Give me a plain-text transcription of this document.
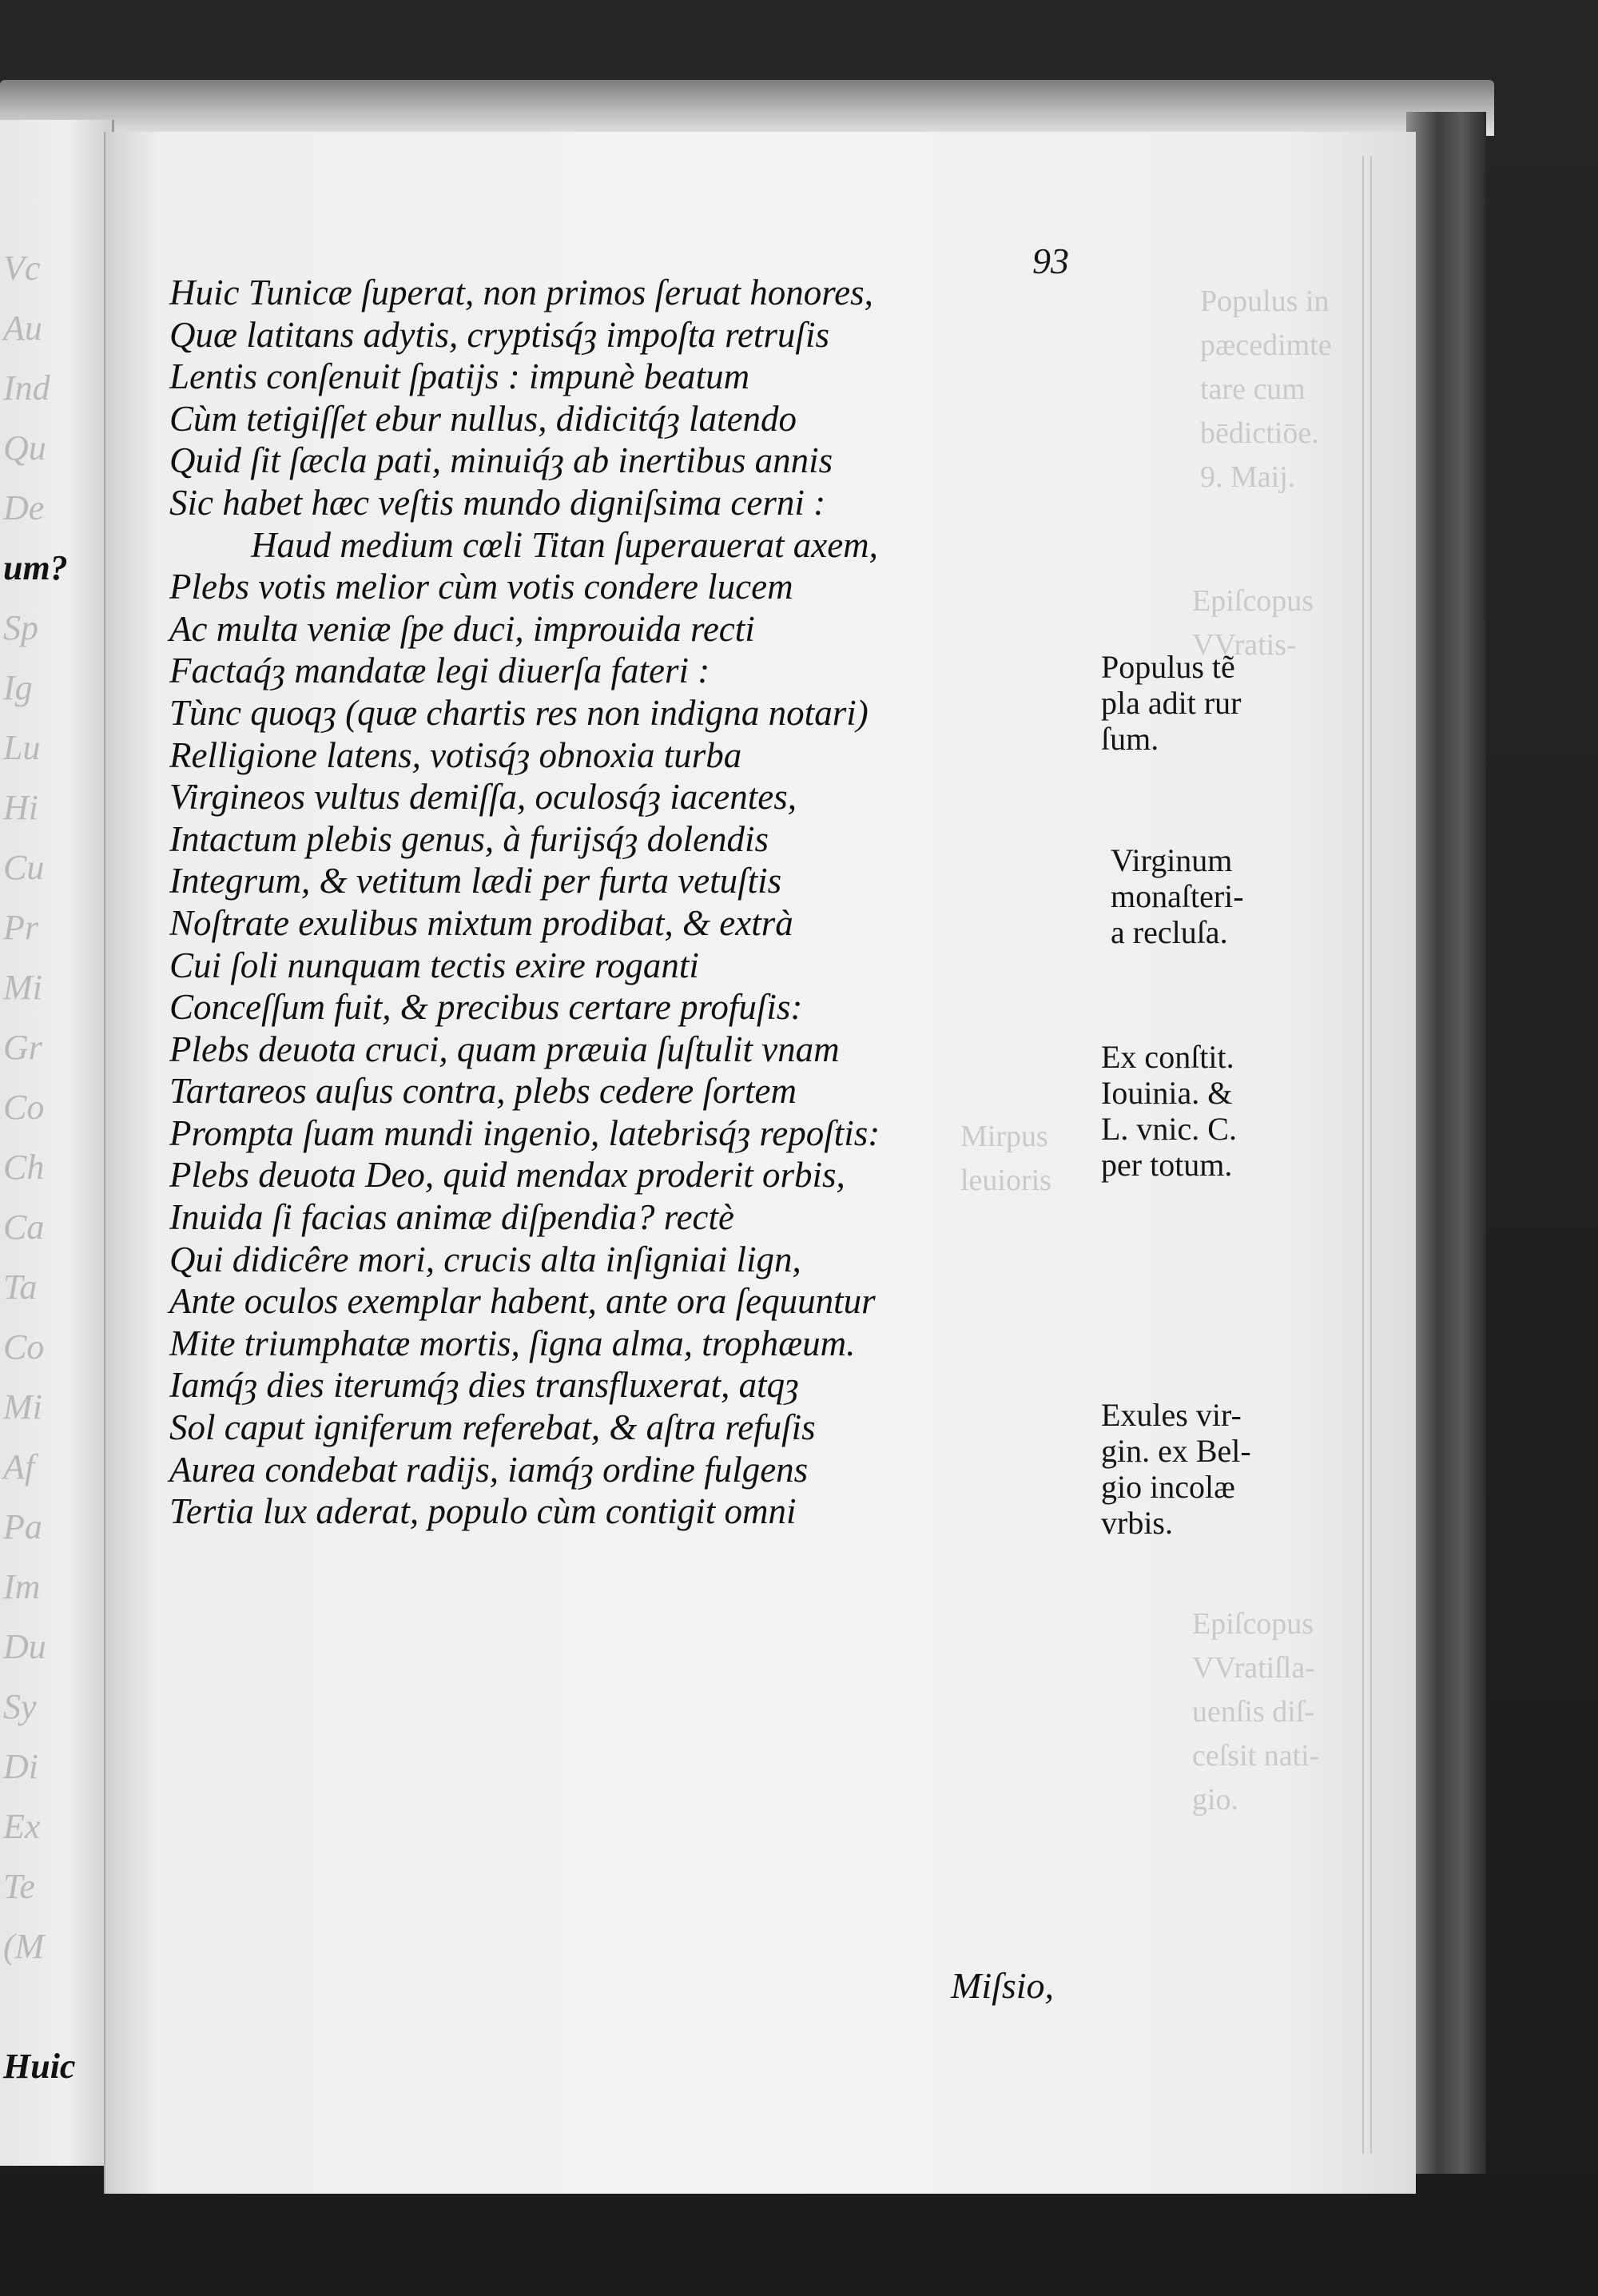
Vc
Au
Ind
Qu
De
um?
Sp
Ig
Lu
Hi
Cu
Pr
Mi
Gr
Co
Ch
Ca
Ta
Co
Mi
Af
Pa
Im
Du
Sy
Di
Ex
Te
(M
Huic
Populus in
pæcedimte
tare cum
bēdictiōe.
9. Maij.
Epiſcopus
VVratis-
Mirpus
leuioris
Epiſcopus
VVratiſla-
uenſis diſ-
ceſsit nati-
gio.
93
Huic Tunicæ ſuperat, non primos ſeruat honores,
Quæ latitans adytis, cryptisq́ȝ impoſta retruſis
Lentis conſenuit ſpatijs : impunè beatum
Cùm tetigiſſet ebur nullus, didicitq́ȝ latendo
Quid ſit ſæcla pati, minuiq́ȝ ab inertibus annis
Sic habet hæc veſtis mundo digniſsima cerni :
Haud medium cœli Titan ſuperauerat axem,
Plebs votis melior cùm votis condere lucem
Ac multa veniæ ſpe duci, improuida recti
Factaq́ȝ mandatæ legi diuerſa fateri :
Tùnc quoqȝ (quæ chartis res non indigna notari)
Relligione latens, votisq́ȝ obnoxia turba
Virgineos vultus demiſſa, oculosq́ȝ iacentes,
Intactum plebis genus, à furijsq́ȝ dolendis
Integrum, & vetitum lædi per furta vetuſtis
Noſtrate exulibus mixtum prodibat, & extrà
Cui ſoli nunquam tectis exire roganti
Conceſſum fuit, & precibus certare profuſis:
Plebs deuota cruci, quam præuia ſuſtulit vnam
Tartareos auſus contra, plebs cedere ſortem
Prompta ſuam mundi ingenio, latebrisq́ȝ repoſtis:
Plebs deuota Deo, quid mendax proderit orbis,
Inuida ſi facias animæ diſpendia? rectè
Qui didicêre mori, crucis alta inſigniai lign,
Ante oculos exemplar habent, ante ora ſequuntur
Mite triumphatæ mortis, ſigna alma, trophæum.
Iamq́ȝ dies iterumq́ȝ dies transfluxerat, atqȝ
Sol caput igniferum referebat, & aſtra refuſis
Aurea condebat radijs, iamq́ȝ ordine fulgens
Tertia lux aderat, populo cùm contigit omni
Populus tẽ
pla adit rur
ſum.
Virginum
monaſteri-
a recluſa.
Ex conſtit.
Iouinia. &
L. vnic. C.
per totum.
Exules vir-
gin. ex Bel-
gio incolæ
vrbis.
Miſsio,
